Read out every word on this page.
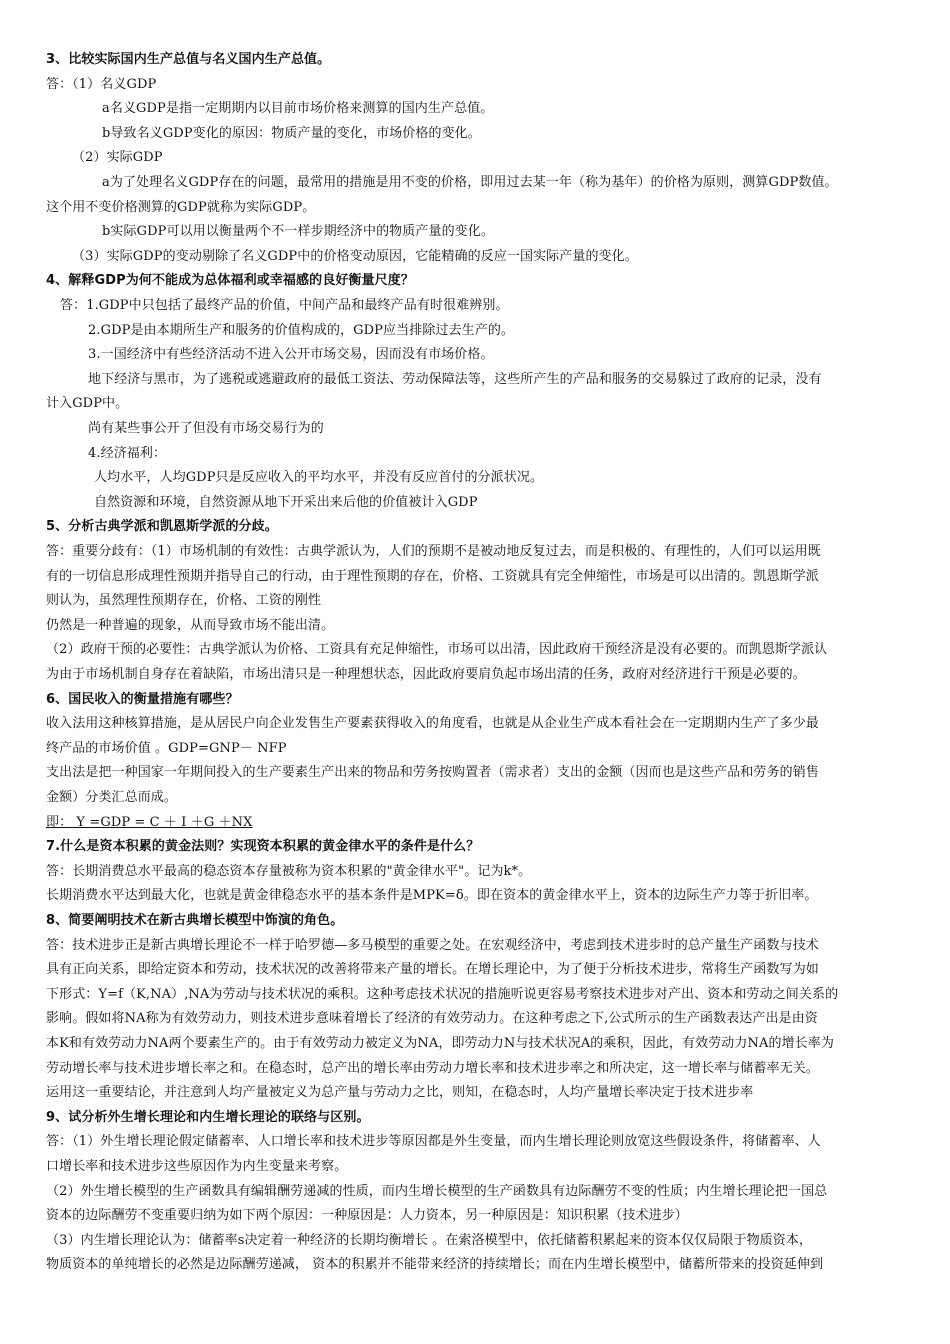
3、比较实际国内生产总值与名义国内生产总值。
答：（1）名义GDP
a名义GDP是指一定期期内以目前市场价格来测算的国内生产总值。
b导致名义GDP变化的原因：物质产量的变化，市场价格的变化。
（2）实际GDP
a为了处理名义GDP存在的问题，最常用的措施是用不变的价格，即用过去某一年（称为基年）的价格为原则，测算GDP数值。
这个用不变价格测算的GDP就称为实际GDP。
b实际GDP可以用以衡量两个不一样步期经济中的物质产量的变化。
（3）实际GDP的变动剔除了名义GDP中的价格变动原因，它能精确的反应一国实际产量的变化。
4、解释GDP为何不能成为总体福利或幸福感的良好衡量尺度？
答：1.GDP中只包括了最终产品的价值，中间产品和最终产品有时很难辨别。
2.GDP是由本期所生产和服务的价值构成的，GDP应当排除过去生产的。
3.一国经济中有些经济活动不进入公开市场交易，因而没有市场价格。
地下经济与黑市，为了逃税或逃避政府的最低工资法、劳动保障法等，这些所产生的产品和服务的交易躲过了政府的记录，没有
计入GDP中。
尚有某些事公开了但没有市场交易行为的
4.经济福利：
人均水平，人均GDP只是反应收入的平均水平，并没有反应首付的分派状况。
自然资源和环境，自然资源从地下开采出来后他的价值被计入GDP
5、分析古典学派和凯恩斯学派的分歧。
答：重要分歧有：（1）市场机制的有效性：古典学派认为，人们的预期不是被动地反复过去，而是积极的、有理性的，人们可以运用既
有的一切信息形成理性预期并指导自己的行动，由于理性预期的存在，价格、工资就具有完全伸缩性，市场是可以出清的。凯恩斯学派
则认为，虽然理性预期存在，价格、工资的刚性
仍然是一种普遍的现象，从而导致市场不能出清。
（2）政府干预的必要性：古典学派认为价格、工资具有充足伸缩性，市场可以出清，因此政府干预经济是没有必要的。而凯恩斯学派认
为由于市场机制自身存在着缺陷，市场出清只是一种理想状态，因此政府要肩负起市场出清的任务，政府对经济进行干预是必要的。
6、国民收入的衡量措施有哪些？
收入法用这种核算措施，是从居民户向企业发售生产要素获得收入的角度看，也就是从企业生产成本看社会在一定期期内生产了多少最
终产品的市场价值 。GDP=GNP－ NFP
支出法是把一种国家一年期间投入的生产要素生产出来的物品和劳务按购置者（需求者）支出的金额（因而也是这些产品和劳务的销售
金额）分类汇总而成。
即： Y =GDP = C ＋ I ＋G ＋NX
7.什么是资本积累的黄金法则？实现资本积累的黄金律水平的条件是什么？
答：长期消费总水平最高的稳态资本存量被称为资本积累的"黄金律水平"。记为k*。
长期消费水平达到最大化，也就是黄金律稳态水平的基本条件是MPK=δ。即在资本的黄金律水平上，资本的边际生产力等于折旧率。
8、简要阐明技术在新古典增长模型中饰演的角色。
答：技术进步正是新古典增长理论不一样于哈罗德—多马模型的重要之处。在宏观经济中，考虑到技术进步时的总产量生产函数与技术
具有正向关系，即给定资本和劳动，技术状况的改善将带来产量的增长。在增长理论中，为了便于分析技术进步，常将生产函数写为如
下形式：Y=f（K,NA）,NA为劳动与技术状况的乘积。这种考虑技术状况的措施听说更容易考察技术进步对产出、资本和劳动之间关系的
影响。假如将NA称为有效劳动力，则技术进步意味着增长了经济的有效劳动力。在这种考虑之下,公式所示的生产函数表达产出是由资
本K和有效劳动力NA两个要素生产的。由于有效劳动力被定义为NA，即劳动力N与技术状况A的乘积，因此，有效劳动力NA的增长率为
劳动增长率与技术进步增长率之和。在稳态时，总产出的增长率由劳动力增长率和技术进步率之和所决定，这一增长率与储蓄率无关。
运用这一重要结论，并注意到人均产量被定义为总产量与劳动力之比，则知，在稳态时，人均产量增长率决定于技术进步率
9、试分析外生增长理论和内生增长理论的联络与区别。
答：（1）外生增长理论假定储蓄率、人口增长率和技术进步等原因都是外生变量，而内生增长理论则放宽这些假设条件，将储蓄率、人
口增长率和技术进步这些原因作为内生变量来考察。
（2）外生增长模型的生产函数具有编辑酬劳递减的性质，而内生增长模型的生产函数具有边际酬劳不变的性质；内生增长理论把一国总
资本的边际酬劳不变重要归纳为如下两个原因：一种原因是：人力资本，另一种原因是：知识积累（技术进步）
（3）内生增长理论认为：储蓄率s决定着一种经济的长期均衡增长 。在索洛模型中，依托储蓄积累起来的资本仅仅局限于物质资本，
物质资本的单纯增长的必然是边际酬劳递减， 资本的积累并不能带来经济的持续增长；而在内生增长模型中，储蓄所带来的投资延伸到
